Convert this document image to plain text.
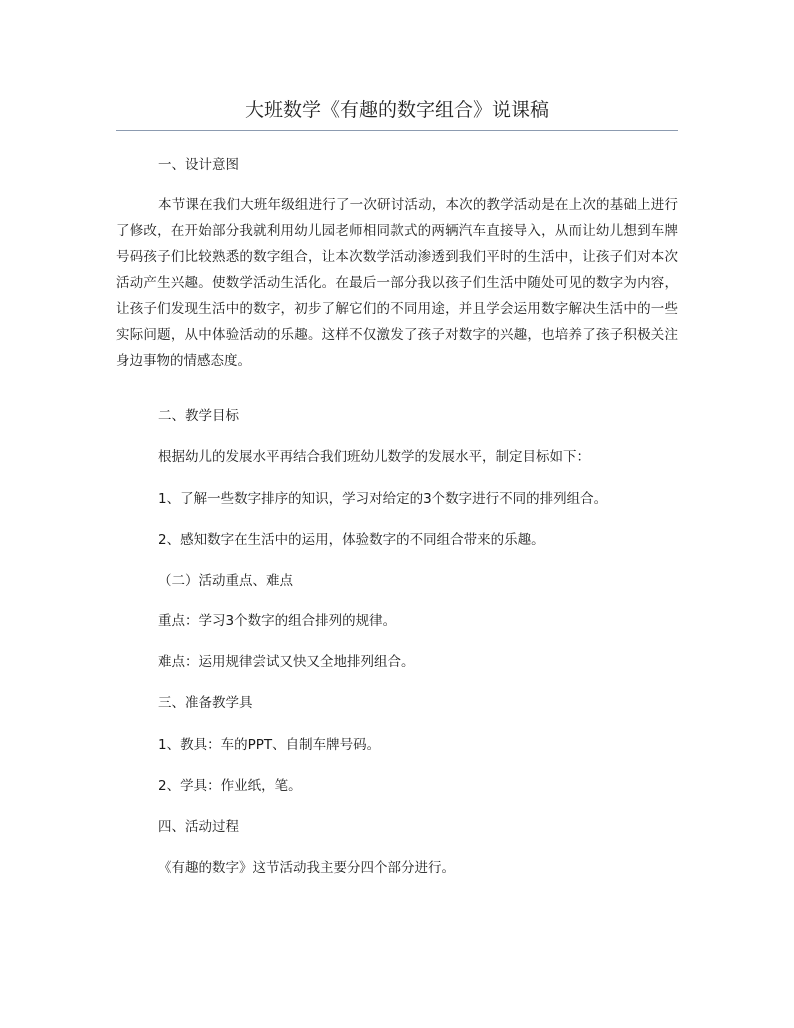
大班数学《有趣的数字组合》说课稿
一、设计意图
本节课在我们大班年级组进行了一次研讨活动，本次的教学活动是在上次的基础上进行了修改，在开始部分我就利用幼儿园老师相同款式的两辆汽车直接导入，从而让幼儿想到车牌号码孩子们比较熟悉的数字组合，让本次数学活动渗透到我们平时的生活中，让孩子们对本次活动产生兴趣。使数学活动生活化。在最后一部分我以孩子们生活中随处可见的数字为内容，让孩子们发现生活中的数字，初步了解它们的不同用途，并且学会运用数字解决生活中的一些实际问题，从中体验活动的乐趣。这样不仅激发了孩子对数字的兴趣，也培养了孩子积极关注身边事物的情感态度。
二、教学目标
根据幼儿的发展水平再结合我们班幼儿数学的发展水平，制定目标如下：
1、了解一些数字排序的知识，学习对给定的3个数字进行不同的排列组合。
2、感知数字在生活中的运用，体验数字的不同组合带来的乐趣。
（二）活动重点、难点
重点：学习3个数字的组合排列的规律。
难点：运用规律尝试又快又全地排列组合。
三、准备教学具
1、教具：车的PPT、自制车牌号码。
2、学具：作业纸，笔。
四、活动过程
《有趣的数字》这节活动我主要分四个部分进行。
